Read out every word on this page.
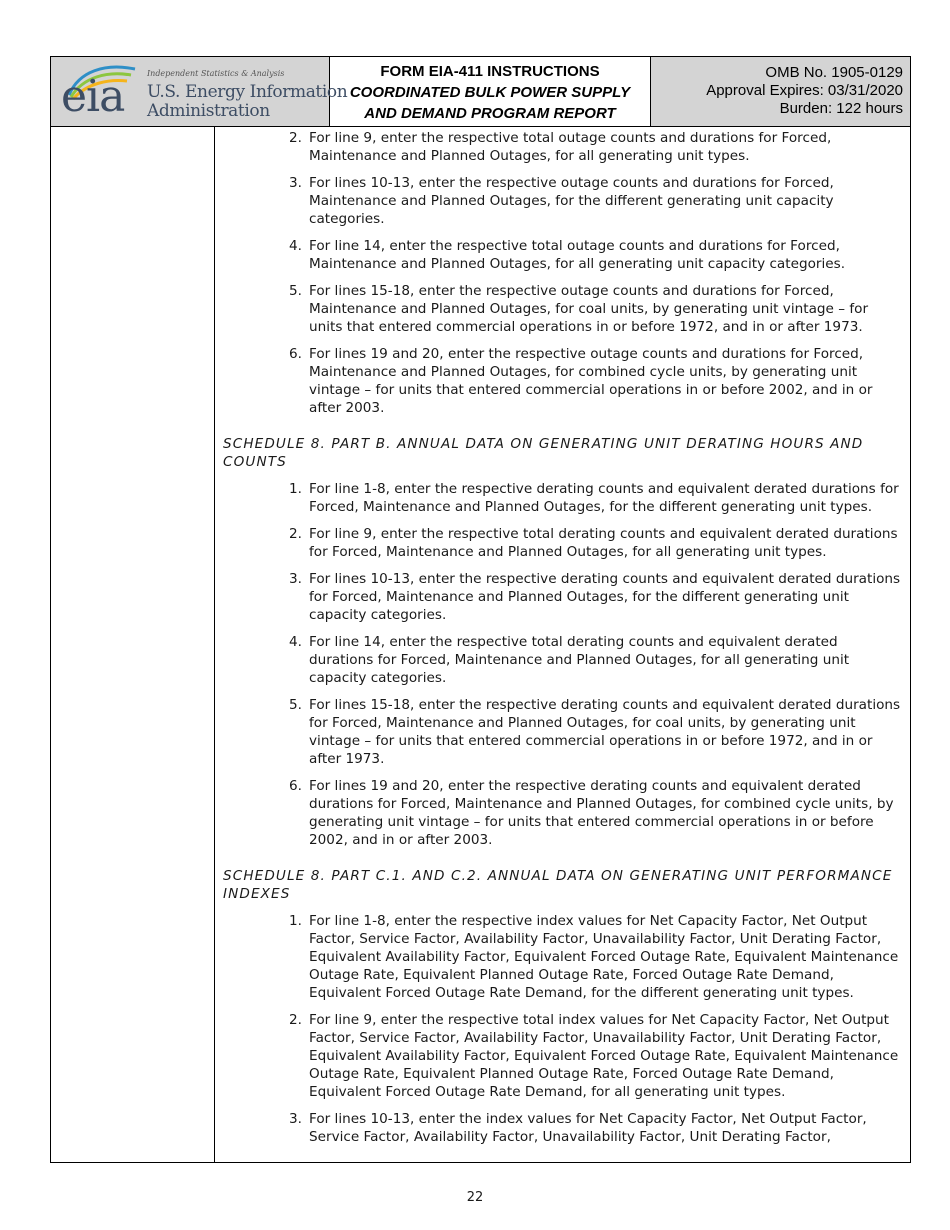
eia	Independent Statistics & Analysis
U.S. Energy Information
Administration
FORM EIA-411 INSTRUCTIONS
COORDINATED BULK POWER SUPPLY
AND DEMAND PROGRAM REPORT
OMB No. 1905-0129
Approval Expires: 03/31/2020
Burden: 122 hours
2. For line 9, enter the respective total outage counts and durations for Forced, Maintenance and Planned Outages, for all generating unit types.
3. For lines 10-13, enter the respective outage counts and durations for Forced, Maintenance and Planned Outages, for the different generating unit capacity categories.
4. For line 14, enter the respective total outage counts and durations for Forced, Maintenance and Planned Outages, for all generating unit capacity categories.
5. For lines 15-18, enter the respective outage counts and durations for Forced, Maintenance and Planned Outages, for coal units, by generating unit vintage – for units that entered commercial operations in or before 1972, and in or after 1973.
6. For lines 19 and 20, enter the respective outage counts and durations for Forced, Maintenance and Planned Outages, for combined cycle units, by generating unit vintage – for units that entered commercial operations in or before 2002, and in or after 2003.
SCHEDULE 8. PART B. ANNUAL DATA ON GENERATING UNIT DERATING HOURS AND COUNTS
1. For line 1-8, enter the respective derating counts and equivalent derated durations for Forced, Maintenance and Planned Outages, for the different generating unit types.
2. For line 9, enter the respective total derating counts and equivalent derated durations for Forced, Maintenance and Planned Outages, for all generating unit types.
3. For lines 10-13, enter the respective derating counts and equivalent derated durations for Forced, Maintenance and Planned Outages, for the different generating unit capacity categories.
4. For line 14, enter the respective total derating counts and equivalent derated durations for Forced, Maintenance and Planned Outages, for all generating unit capacity categories.
5. For lines 15-18, enter the respective derating counts and equivalent derated durations for Forced, Maintenance and Planned Outages, for coal units, by generating unit vintage – for units that entered commercial operations in or before 1972, and in or after 1973.
6. For lines 19 and 20, enter the respective derating counts and equivalent derated durations for Forced, Maintenance and Planned Outages, for combined cycle units, by generating unit vintage – for units that entered commercial operations in or before 2002, and in or after 2003.
SCHEDULE 8. PART C.1. AND C.2. ANNUAL DATA ON GENERATING UNIT PERFORMANCE INDEXES
1. For line 1-8, enter the respective index values for Net Capacity Factor, Net Output Factor, Service Factor, Availability Factor, Unavailability Factor, Unit Derating Factor, Equivalent Availability Factor, Equivalent Forced Outage Rate, Equivalent Maintenance Outage Rate, Equivalent Planned Outage Rate, Forced Outage Rate Demand, Equivalent Forced Outage Rate Demand, for the different generating unit types.
2. For line 9, enter the respective total index values for Net Capacity Factor, Net Output Factor, Service Factor, Availability Factor, Unavailability Factor, Unit Derating Factor, Equivalent Availability Factor, Equivalent Forced Outage Rate, Equivalent Maintenance Outage Rate, Equivalent Planned Outage Rate, Forced Outage Rate Demand, Equivalent Forced Outage Rate Demand, for all generating unit types.
3. For lines 10-13, enter the index values for Net Capacity Factor, Net Output Factor, Service Factor, Availability Factor, Unavailability Factor, Unit Derating Factor,
22
